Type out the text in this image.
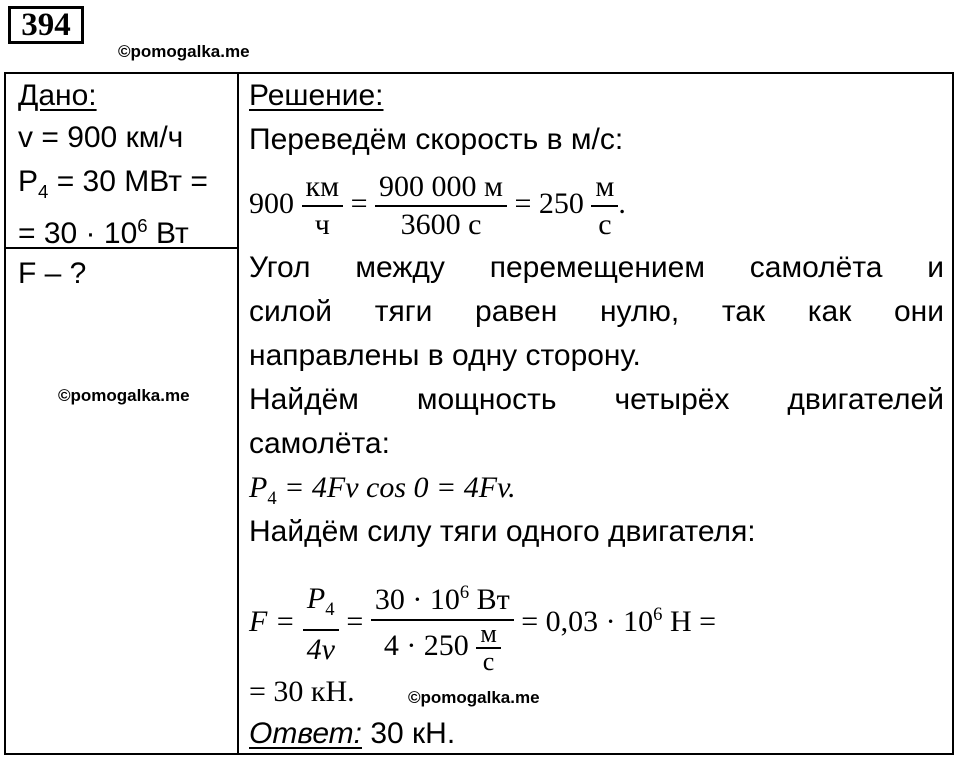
394
©pomogalka.me
Дано:
v = 900 км/ч
$P_4 = 30$ МВт =
= $30 \cdot 10^6$ Вт
F – ?
©pomogalka.me
Решение:
Переведём скорость в м/с:
$900 \frac{км}{ч} = \frac{900 000 м}{3600 с} = 250 \frac{м}{с}$ .
Угол между перемещением самолёта и
силой тяги равен нулю, так как они
направлены в одну сторону.
Найдём мощность четырёх двигателей
самолёта:
$P_4 = 4Fv$ cos 0 = 4Fv.
Найдём силу тяги одного двигателя:
$F = \frac{P_4}{4v} = \frac{30 \cdot 10^6 Вт}{4 \cdot 250 \frac{м}{с}} = 0,03 \cdot 10^6$ Н =
= 30 кН.	©pomogalka.me
Ответ: 30 кН.
